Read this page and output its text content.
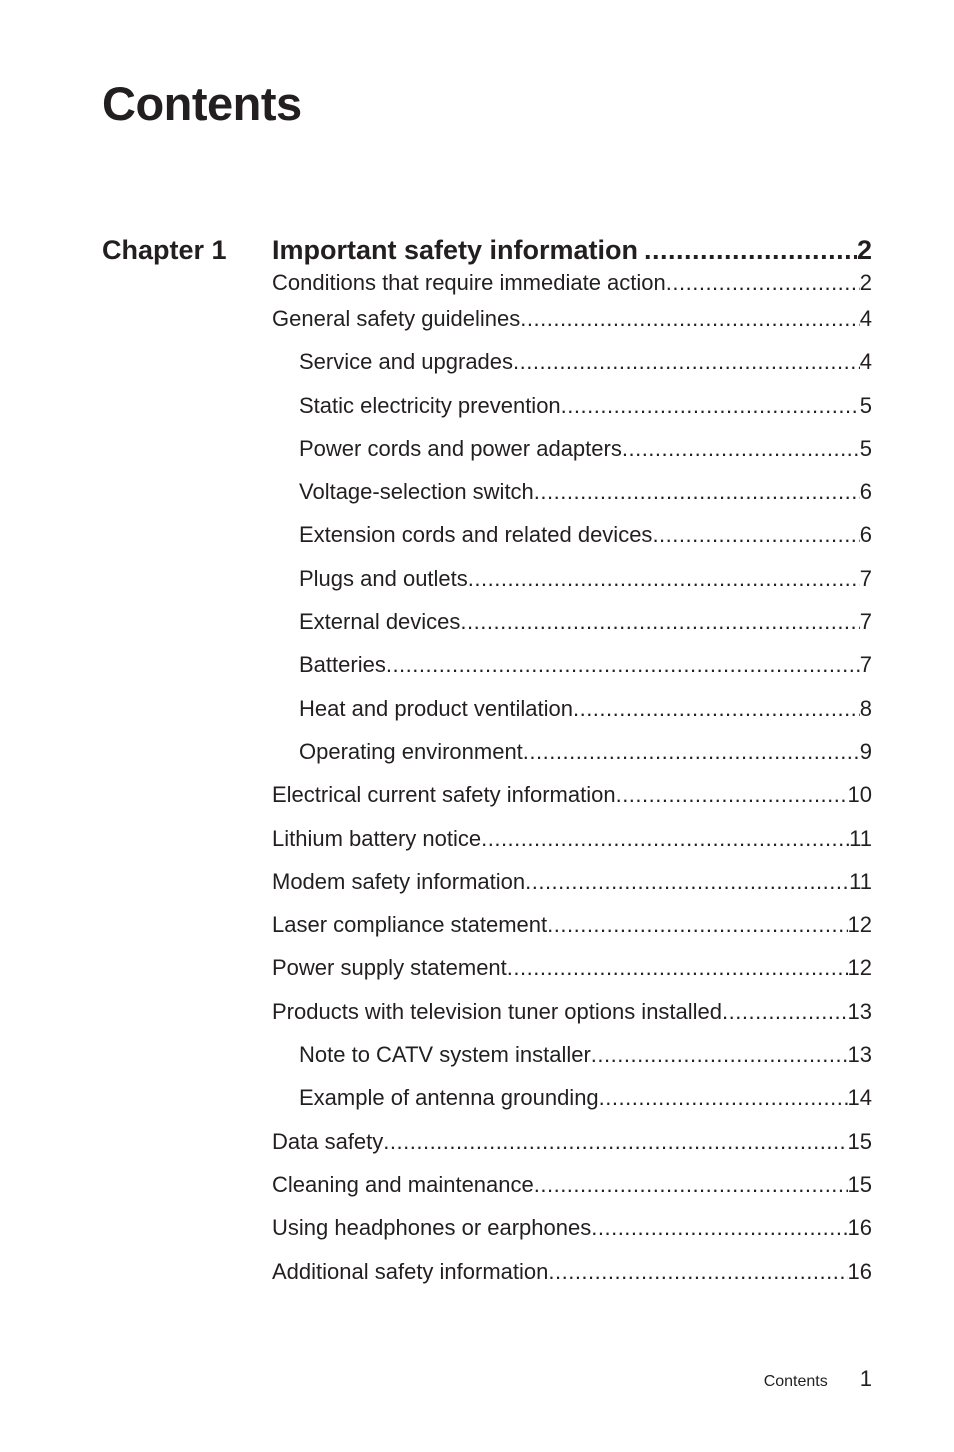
Contents
Chapter 1 Important safety information .....	2
Conditions that require immediate action .....	2
General safety guidelines .....	4
Service and upgrades .....	4
Static electricity prevention .....	5
Power cords and power adapters .....	5
Voltage-selection switch .....	6
Extension cords and related devices .....	6
Plugs and outlets .....	7
External devices .....	7
Batteries .....	7
Heat and product ventilation .....	8
Operating environment .....	9
Electrical current safety information .....	10
Lithium battery notice .....	11
Modem safety information .....	11
Laser compliance statement .....	12
Power supply statement .....	12
Products with television tuner options installed .....	13
Note to CATV system installer .....	13
Example of antenna grounding .....	14
Data safety .....	15
Cleaning and maintenance .....	15
Using headphones or earphones .....	16
Additional safety information .....	16
Contents 1
